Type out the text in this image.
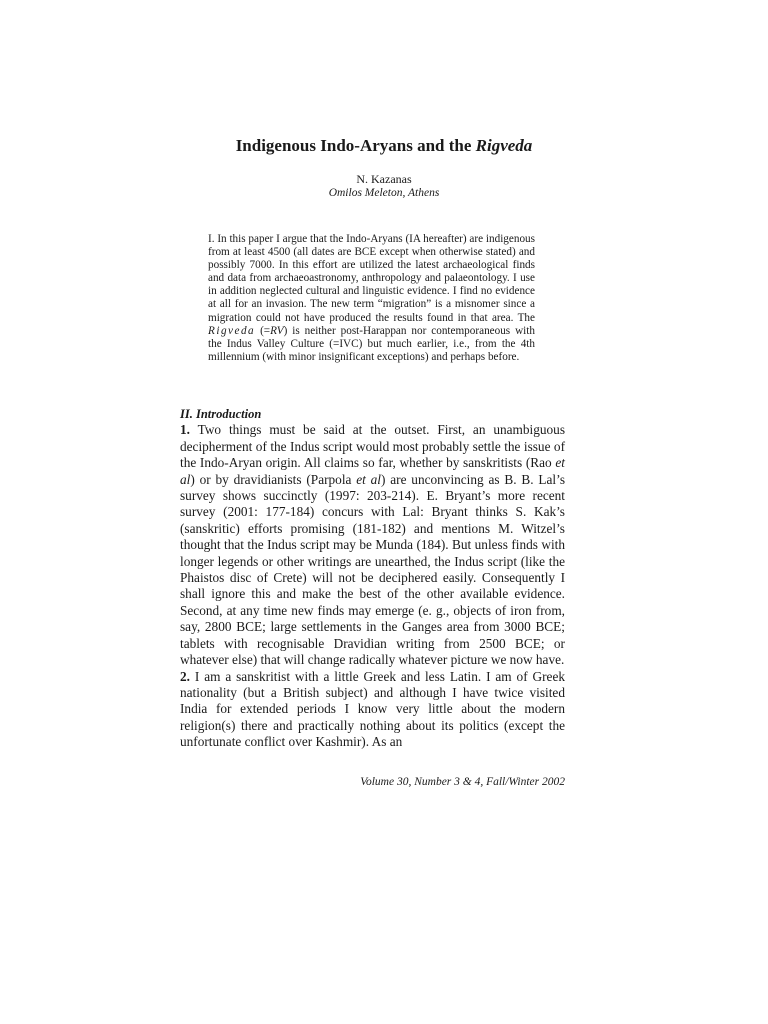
Indigenous Indo-Aryans and the Rigveda
N. Kazanas
Omilos Meleton, Athens
I. In this paper I argue that the Indo-Aryans (IA hereafter) are indigenous from at least 4500 (all dates are BCE except when otherwise stated) and possibly 7000. In this effort are utilized the latest archaeological finds and data from archaeoastronomy, anthropology and palaeontology. I use in addition neglected cultural and linguistic evidence. I find no evidence at all for an invasion. The new term “migration” is a misnomer since a migration could not have produced the results found in that area. The Rigveda (=RV) is neither post-Harappan nor contemporaneous with the Indus Valley Culture (=IVC) but much earlier, i.e., from the 4th millennium (with minor insignificant exceptions) and perhaps before.
II. Introduction

1. Two things must be said at the outset. First, an unambiguous decipherment of the Indus script would most probably settle the issue of the Indo-Aryan origin. All claims so far, whether by sanskritists (Rao et al) or by dravidianists (Parpola et al) are unconvincing as B. B. Lal’s survey shows succinctly (1997: 203-214). E. Bryant’s more recent survey (2001: 177-184) concurs with Lal: Bryant thinks S. Kak’s (sanskritic) efforts promising (181-182) and mentions M. Witzel’s thought that the Indus script may be Munda (184). But unless finds with longer legends or other writings are unearthed, the Indus script (like the Phaistos disc of Crete) will not be deciphered easily. Consequently I shall ignore this and make the best of the other available evidence. Second, at any time new finds may emerge (e. g., objects of iron from, say, 2800 BCE; large settlements in the Ganges area from 3000 BCE; tablets with recognisable Dravidian writing from 2500 BCE; or whatever else) that will change radically whatever picture we now have.

2. I am a sanskritist with a little Greek and less Latin. I am of Greek nationality (but a British subject) and although I have twice visited India for extended periods I know very little about the modern religion(s) there and practically nothing about its politics (except the unfortunate conflict over Kashmir). As an

Volume 30, Number 3 & 4, Fall/Winter 2002
